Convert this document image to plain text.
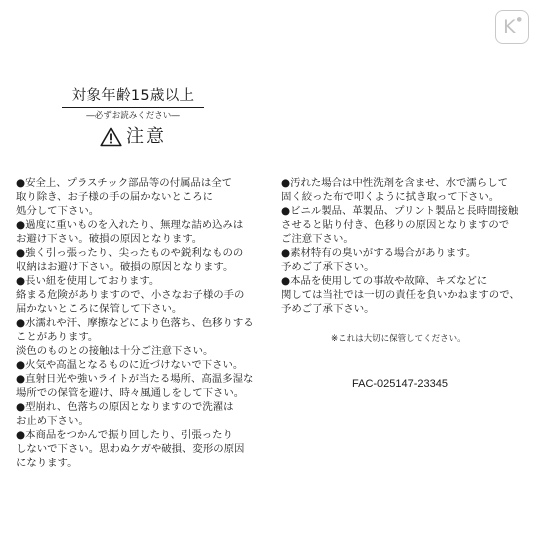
K●
対象年齢15歳以上
―必ずお読みください―
注意
●安全上、プラスチック部品等の付属品は全て
取り除き、お子様の手の届かないところに
処分して下さい。
●過度に重いものを入れたり、無理な詰め込みは
お避け下さい。破損の原因となります。
●強く引っ張ったり、尖ったものや鋭利なものの
収納はお避け下さい。破損の原因となります。
●長い紐を使用しております。
絡まる危険がありますので、小さなお子様の手の
届かないところに保管して下さい。
●水濡れや汗、摩擦などにより色落ち、色移りする
ことがあります。
淡色のものとの接触は十分ご注意下さい。
●火気や高温となるものに近づけないで下さい。
●直射日光や強いライトが当たる場所、高温多湿な
場所での保管を避け、時々風通しをして下さい。
●型崩れ、色落ちの原因となりますので洗濯は
お止め下さい。
●本商品をつかんで振り回したり、引張ったり
しないで下さい。思わぬケガや破損、変形の原因
になります。
●汚れた場合は中性洗剤を含ませ、水で濡らして
固く絞った布で叩くように拭き取って下さい。
●ビニル製品、革製品、プリント製品と長時間接触
させると貼り付き、色移りの原因となりますので
ご注意下さい。
●素材特有の臭いがする場合があります。
予めご了承下さい。
●本品を使用しての事故や故障、キズなどに
関しては当社では一切の責任を負いかねますので、
予めご了承下さい。
※これは大切に保管してください。
FAC-025147-23345
